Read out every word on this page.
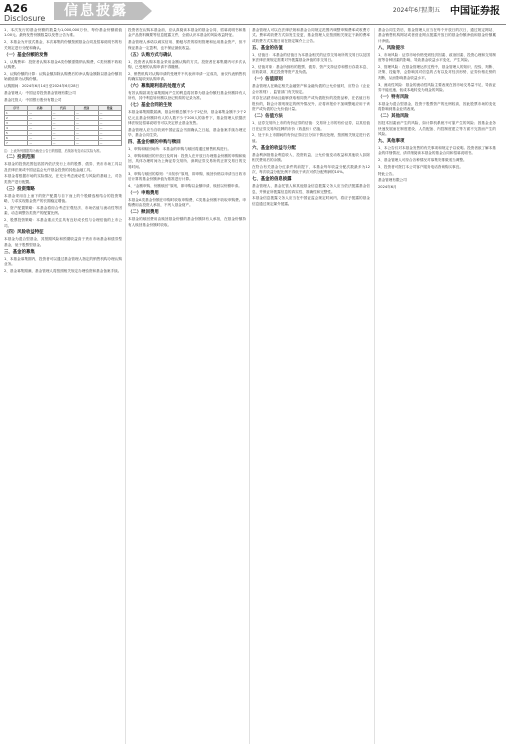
A26
Disclosure	信息披露	2024年6月
星期五 中国证券报
1、本次发行的基金份额的数量为1,000,000万份，每份基金份额面值1.00元。最终发售份额数量以发售公告为准。
2、本基金为开放式基金，本次募集的份额按照基金合同及招募说明书的有关规定进行分配和确认。
（一）基金份额的发售
1、认购费率：投资者认购本基金A类份额需缴纳认购费，C类份额不收取认购费。
2、认购份额的计算：认购金额扣除认购费后的净认购金额除以基金份额初始面值即为认购份额。
认购期间：2024年6月14日至2024年6月28日
基金管理人：中国证券投资基金管理有限公司
基金托管人：中国银行股份有限公司
序号	名称	代码	类别	数量
1	—	—	—	—
2	—	—	—	—
3	—	—	—	—
4	—	—	—	—
5	—	—	—	—
6	—	—	—	—
7	—	—	—	—
注：上表所列数据均为截至公告日的数据，后续如有变动以实际为准。
（二）投资范围
本基金的投资范围包括国内依法发行上市的股票、债券、货币市场工具以及法律法规或中国证监会允许基金投资的其他金融工具。
本基金将根据市场的实际情况，在充分考虑流动性与风险的基础上，对各类资产进行配置。
（三）投资策略
本基金采用自上而下的资产配置与自下而上的个股精选相结合的投资策略，力求实现基金资产的长期稳定增值。
1、资产配置策略：本基金将综合考虑宏观经济、市场估值与流动性等因素，动态调整各类资产的配置比例。
2、股票投资策略：本基金重点关注具有良好成长性与合理估值的上市公司。
（四）风险收益特征
本基金为混合型基金，其预期风险和预期收益高于货币市场基金和债券型基金，低于股票型基金。
三、基金的募集
1、本基金募集期内，投资者可以通过基金管理人指定的销售机构办理认购业务。
2、基金募集期满，基金管理人将按照相关规定办理验资和基金备案手续。
投资者在认购本基金前，应认真阅读本基金的基金合同、招募说明书和基金产品资料概要等信息披露文件，全面认识本基金的风险收益特征。
基金管理人承诺以诚实信用、勤勉尽责的原则管理和运用基金资产，但不保证基金一定盈利，也不保证最低收益。
（五）认购方式与确认
1、投资者认购本基金采用金额认购的方式。投资者在募集期内可多次认购，已受理的认购申请不得撤销。
2、销售机构对认购申请的受理并不代表该申请一定成功，而仅代表销售机构确实接收到认购申请。
（六）募集期利息的处理方式
有效认购款项在募集期间产生的利息将折算为基金份额归基金份额持有人所有，其中利息转份额以登记机构的记录为准。
（七）基金合同的生效
本基金募集期限届满，基金份额总额不少于2亿份，基金募集金额不少于2亿元且基金份额持有人的人数不少于200人的条件下，基金管理人依据法律法规及招募说明书可以决定停止基金发售。
基金管理人应当自收到中国证监会书面确认之日起，基金备案手续办理完毕，基金合同生效。
四、基金份额的申购与赎回
1、申购和赎回场所：本基金的申购与赎回将通过销售机构进行。
2、申购和赎回的开放日及时间：投资人在开放日办理基金份额的申购和赎回，具体办理时间为上海证券交易所、深圳证券交易所的正常交易日的交易时间。
3、申购与赎回的原则：“未知价”原则，即申购、赎回价格以申请当日收市后计算的基金份额净值为基准进行计算。
4、“金额申购、份额赎回”原则，即申购以金额申请，赎回以份额申请。
（一）申购费用
本基金A类基金份额在申购时收取申购费，C类基金份额不收取申购费。申购费用由投资人承担，不列入基金财产。
（二）赎回费用
本基金的赎回费用由赎回基金份额的基金份额持有人承担，在基金份额持有人赎回基金份额时收取。
基金管理人可以在法律法规和基金合同规定范围内调整申购费率或收费方式。费率或收费方式如发生变更，基金管理人应按照相关规定于新的费率或收费方式实施日前在指定媒介上公告。
五、基金的估值
1、估值日：本基金的估值日为本基金相关的证券交易场所的交易日以及国家法律法规规定需要对外披露基金净值的非交易日。
2、估值对象：基金所拥有的股票、债券、资产支持证券和银行存款本息、应收款项、其它投资等资产及负债。
（一）估值原则
基金管理人在确定相关金融资产和金融负债的公允价值时，应符合《企业会计准则》、监管部门有关规定。
对存在活跃市场且能够获取相同资产或负债报价的投资品种，在估值日有报价的，除会计准则规定的例外情况外，应将该报价不加调整地应用于该资产或负债的公允价值计量。
（二）估值方法
1、证券交易所上市的有价证券的估值：交易所上市的有价证券，以其估值日在证券交易所挂牌的市价（收盘价）估值。
2、处于未上市期间的有价证券应区分如下情况处理，按照相关规定进行估值。
六、基金的收益与分配
基金利润指基金利息收入、投资收益、公允价值变动收益和其他收入扣除相关费用后的余额。
在符合有关基金分红条件的前提下，本基金每年收益分配次数最多为12次，每次收益分配比例不得低于该次可供分配利润的10%。
七、基金的信息披露
基金管理人、基金托管人和其他基金信息披露义务人应当依法披露基金信息，并保证所披露信息的真实性、准确性和完整性。
本基金信息披露义务人应当在中国证监会规定时间内，将应予披露的基金信息通过规定媒介披露。
基金合同生效后，基金管理人应当在每个开放日的次日，通过规定网站、基金销售机构网站或者营业网点披露开放日的基金份额净值和基金份额累计净值。
八、风险提示
1、市场风险：证券市场价格受到经济因素、政治因素、投资心理和交易制度等各种因素的影响，导致基金收益水平变化，产生风险。
2、管理风险：在基金管理运作过程中，基金管理人的知识、经验、判断、决策、技能等，会影响其对信息的占有以及对经济形势、证券价格走势的判断，从而影响基金收益水平。
3、流动性风险：基金的流动性风险主要表现在因市场交易量不足，导致证券不能迅速、低成本地转变为现金的风险。
（一）特有风险
本基金为混合型基金，投资于股票资产的比例较高，因此股票市场的变化将影响到基金业绩表现。
（二）其他风险
因技术因素而产生的风险，如计算机系统不可靠产生的风险；因基金业务快速发展而在制度建设、人员配备、内控制度建立等方面不完善而产生的风险。
九、其他事项
1、本公告仅对本基金发售的有关事项和规定予以说明。投资者欲了解本基金的详细情况，请详细阅读本基金的基金合同和招募说明书。
2、基金管理人可综合各种情况对募集安排做适当调整。
3、投资者可拨打本公司客户服务电话咨询购买事宜。
特此公告。
基金管理有限公司
2024年6月
